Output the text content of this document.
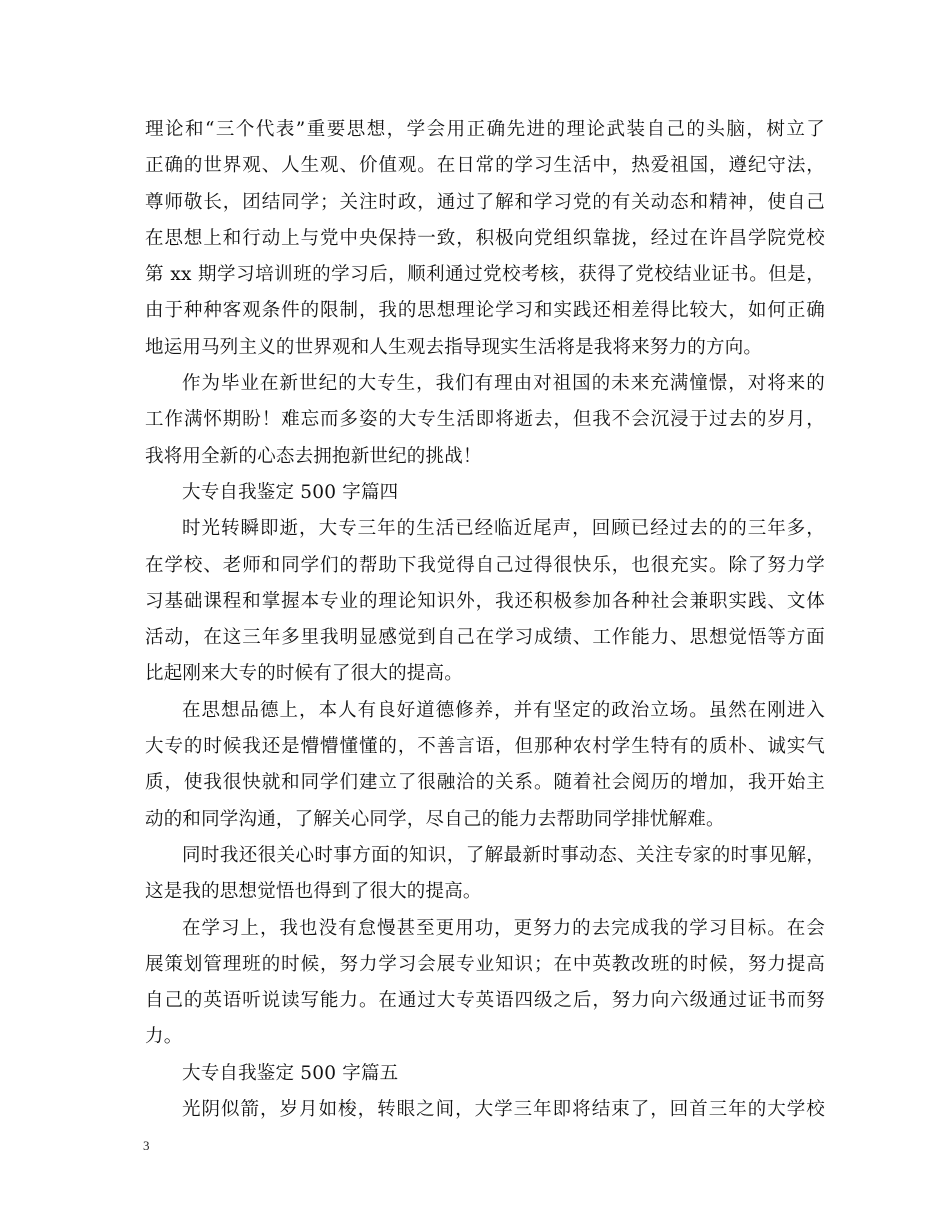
理论和“三个代表”重要思想，学会用正确先进的理论武装自己的头脑，树立了
正确的世界观、人生观、价值观。在日常的学习生活中，热爱祖国，遵纪守法，
尊师敬长，团结同学；关注时政，通过了解和学习党的有关动态和精神，使自己
在思想上和行动上与党中央保持一致，积极向党组织靠拢，经过在许昌学院党校
第 xx 期学习培训班的学习后，顺利通过党校考核，获得了党校结业证书。但是，
由于种种客观条件的限制，我的思想理论学习和实践还相差得比较大，如何正确
地运用马列主义的世界观和人生观去指导现实生活将是我将来努力的方向。
作为毕业在新世纪的大专生，我们有理由对祖国的未来充满憧憬，对将来的
工作满怀期盼！难忘而多姿的大专生活即将逝去，但我不会沉浸于过去的岁月，
我将用全新的心态去拥抱新世纪的挑战！
大专自我鉴定 500 字篇四
时光转瞬即逝，大专三年的生活已经临近尾声，回顾已经过去的的三年多，
在学校、老师和同学们的帮助下我觉得自己过得很快乐，也很充实。除了努力学
习基础课程和掌握本专业的理论知识外，我还积极参加各种社会兼职实践、文体
活动，在这三年多里我明显感觉到自己在学习成绩、工作能力、思想觉悟等方面
比起刚来大专的时候有了很大的提高。
在思想品德上，本人有良好道德修养，并有坚定的政治立场。虽然在刚进入
大专的时候我还是懵懵懂懂的，不善言语，但那种农村学生特有的质朴、诚实气
质，使我很快就和同学们建立了很融洽的关系。随着社会阅历的增加，我开始主
动的和同学沟通，了解关心同学，尽自己的能力去帮助同学排忧解难。
同时我还很关心时事方面的知识，了解最新时事动态、关注专家的时事见解，
这是我的思想觉悟也得到了很大的提高。
在学习上，我也没有怠慢甚至更用功，更努力的去完成我的学习目标。在会
展策划管理班的时候，努力学习会展专业知识；在中英教改班的时候，努力提高
自己的英语听说读写能力。在通过大专英语四级之后，努力向六级通过证书而努
力。
大专自我鉴定 500 字篇五
光阴似箭，岁月如梭，转眼之间，大学三年即将结束了，回首三年的大学校
3
